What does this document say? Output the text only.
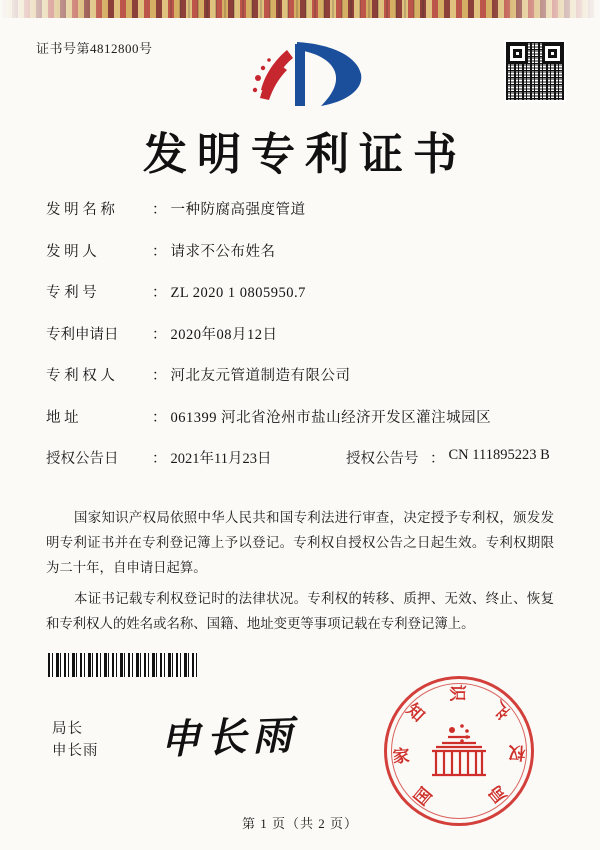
证书号第4812800号
发明专利证书
发 明 名 称	： 一种防腐高强度管道
发 明 人	： 请求不公布姓名
专 利 号	： ZL 2020 1 0805950.7
专利申请日	： 2020年08月12日
专 利 权 人	： 河北友元管道制造有限公司
地 址	： 061399 河北省沧州市盐山经济开发区灌注城园区
授权公告日	： 2021年11月23日	授权公告号 ： CN 111895223 B

国家知识产权局依照中华人民共和国专利法进行审查，决定授予专利权，颁发发明专利证书并在专利登记簿上予以登记。专利权自授权公告之日起生效。专利权期限为二十年，自申请日起算。

本证书记载专利权登记时的法律状况。专利权的转移、质押、无效、终止、恢复和专利权人的姓名或名称、国籍、地址变更等事项记载在专利登记簿上。

局长
申长雨 申长雨
国
家
知
识
产
权
局
第 1 页（共 2 页）
